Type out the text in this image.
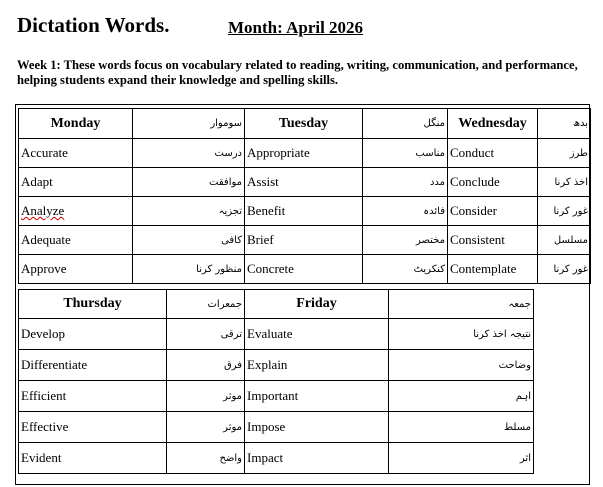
Dictation Words.	Month: April 2026
Week 1: These words focus on vocabulary related to reading, writing, communication, and performance, helping students expand their knowledge and spelling skills.
Monday	سوموار	Tuesday	منگل	Wednesday	بدھ
Accurate	درست	Appropriate	مناسب	Conduct	طرز
Adapt	موافقت	Assist	مدد	Conclude	اخذ کرنا
Analyze	تجزیہ	Benefit	فائدہ	Consider	غور کرنا
Adequate	کافی	Brief	مختصر	Consistent	مسلسل
Approve	منظور کرنا	Concrete	کنکریٹ	Contemplate	غور کرنا
Thursday	جمعرات	Friday	جمعہ
Develop	ترقی	Evaluate	نتیجہ اخذ کرنا
Differentiate	فرق	Explain	وضاحت
Efficient	موثر	Important	اہم
Effective	موثر	Impose	مسلط
Evident	واضح	Impact	اثر
